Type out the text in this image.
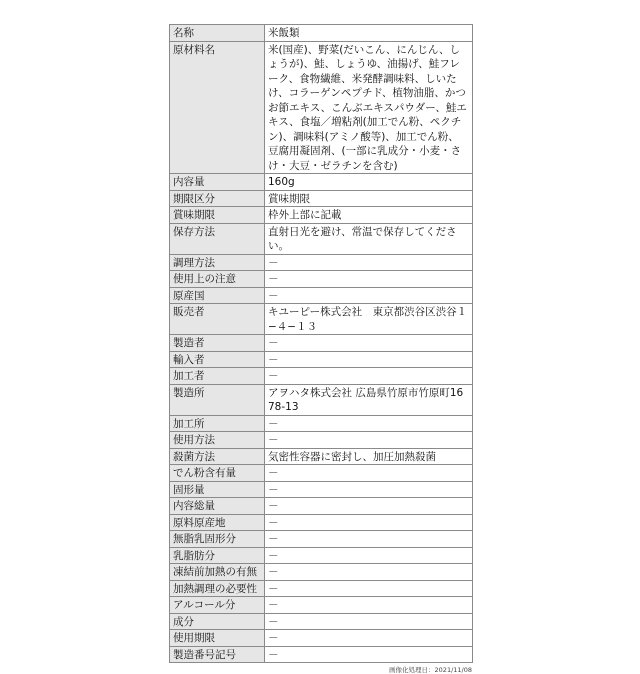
名称	米飯類
原材料名	米(国産)、野菜(だいこん、にんじん、しょうが)、鮭、しょうゆ、油揚げ、鮭フレーク、食物繊維、米発酵調味料、しいたけ、コラーゲンペプチド、植物油脂、かつお節エキス、こんぶエキスパウダー、鮭エキス、食塩／増粘剤(加工でん粉、ペクチン)、調味料(アミノ酸等)、加工でん粉、豆腐用凝固剤、(一部に乳成分・小麦・さけ・大豆・ゼラチンを含む)
内容量	160g
期限区分	賞味期限
賞味期限	枠外上部に記載
保存方法	直射日光を避け、常温で保存してください。
調理方法	－
使用上の注意	－
原産国	－
販売者	キユーピー株式会社　東京都渋谷区渋谷１−４−１３
製造者	－
輸入者	－
加工者	－
製造所	アヲハタ株式会社 広島県竹原市竹原町1678-13
加工所	－
使用方法	－
殺菌方法	気密性容器に密封し、加圧加熱殺菌
でん粉含有量	－
固形量	－
内容総量	－
原料原産地	－
無脂乳固形分	－
乳脂肪分	－
凍結前加熱の有無	－
加熱調理の必要性	－
アルコール分	－
成分	－
使用期限	－
製造番号記号	－
画像化処理日：2021/11/08
